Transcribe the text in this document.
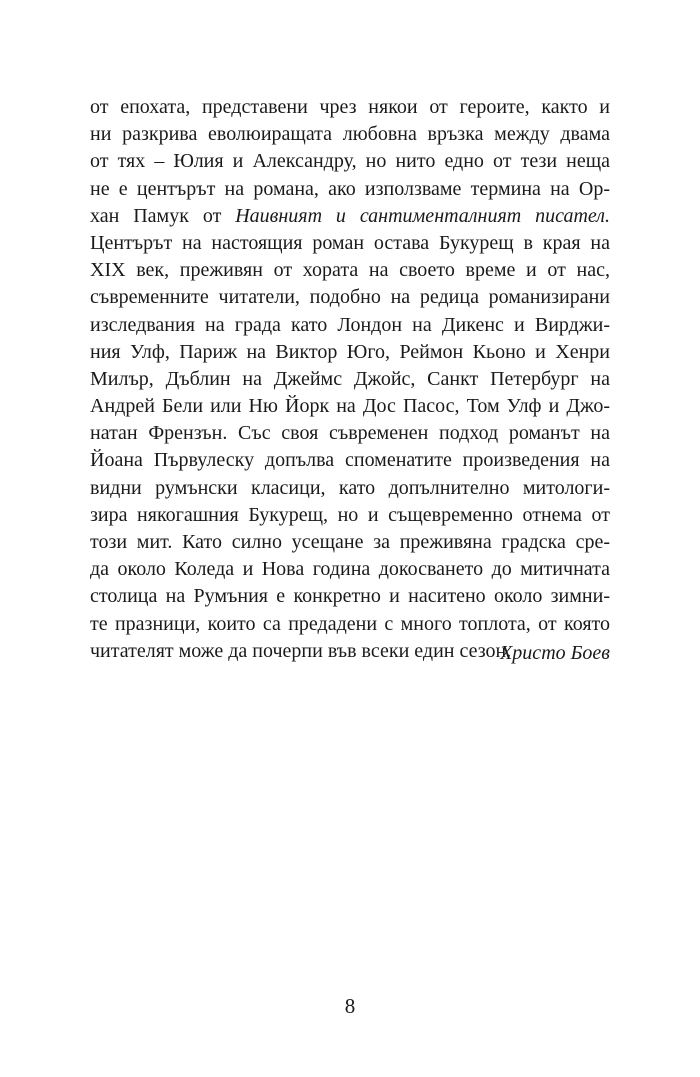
от епохата, представени чрез някои от героите, както и
ни разкрива еволюиращата любовна връзка между двама
от тях – Юлия и Александру, но нито едно от тези неща
не е центърът на романа, ако използваме термина на Ор-
хан Памук от Наивният и сантименталният писател.
Центърът на настоящия роман остава Букурещ в края на
XIX век, преживян от хората на своето време и от нас,
съвременните читатели, подобно на редица романизирани
изследвания на града като Лондон на Дикенс и Вирджи-
ния Улф, Париж на Виктор Юго, Реймон Кьоно и Хенри
Милър, Дъблин на Джеймс Джойс, Санкт Петербург на
Андрей Бели или Ню Йорк на Дос Пасос, Том Улф и Джо-
натан Френзън. Със своя съвременен подход романът на
Йоана Първулеску допълва споменатите произведения на
видни румънски класици, като допълнително митологи-
зира някогашния Букурещ, но и същевременно отнема от
този мит. Като силно усещане за преживяна градска сре-
да около Коледа и Нова година докосването до митичната
столица на Румъния е конкретно и наситено около зимни-
те празници, които са предадени с много топлота, от която
читателят може да почерпи във всеки един сезон.
Христо Боев
8
